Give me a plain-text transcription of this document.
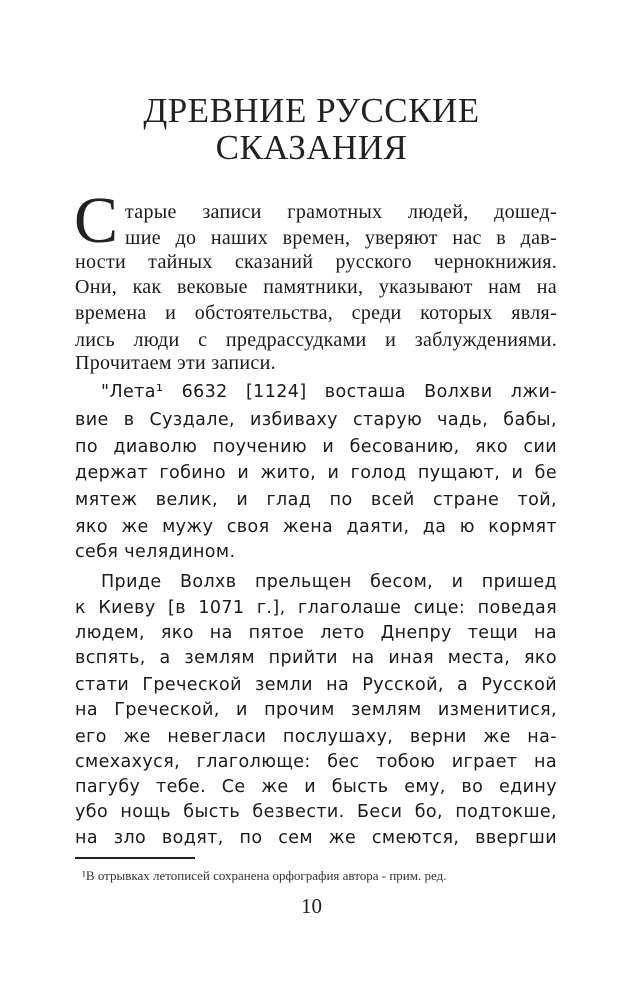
ДРЕВНИЕ РУССКИЕ
СКАЗАНИЯ
С тарые записи грамотных людей, дошед-
шие до наших времен, уверяют нас в дав-
ности тайных сказаний русского чернокнижия.
Они, как вековые памятники, указывают нам на
времена и обстоятельства, среди которых явля-
лись люди с предрассудками и заблуждениями.
Прочитаем эти записи.
"Лета¹ 6632 [1124] восташа Волхви лжи-
вие в Суздале, избиваху старую чадь, бабы,
по диаволю поучению и бесованию, яко сии
держат гобино и жито, и голод пущают, и бе
мятеж велик, и глад по всей стране той,
яко же мужу своя жена даяти, да ю кормят
себя челядином.
Приде Волхв прельщен бесом, и пришед
к Киеву [в 1071 г.], глаголаше сице: поведая
людем, яко на пятое лето Днепру тещи на
вспять, а землям прийти на иная места, яко
стати Греческой земли на Русской, а Русской
на Греческой, и прочим землям изменитися,
его же невегласи послушаху, верни же на-
смехахуся, глаголюще: бес тобою играет на
пагубу тебе. Се же и бысть ему, во едину
убо нощь бысть безвести. Беси бо, подтокше,
на зло водят, по сем же смеются, ввергши
¹В отрывках летописей сохранена орфография автора - прим. ред.
10
